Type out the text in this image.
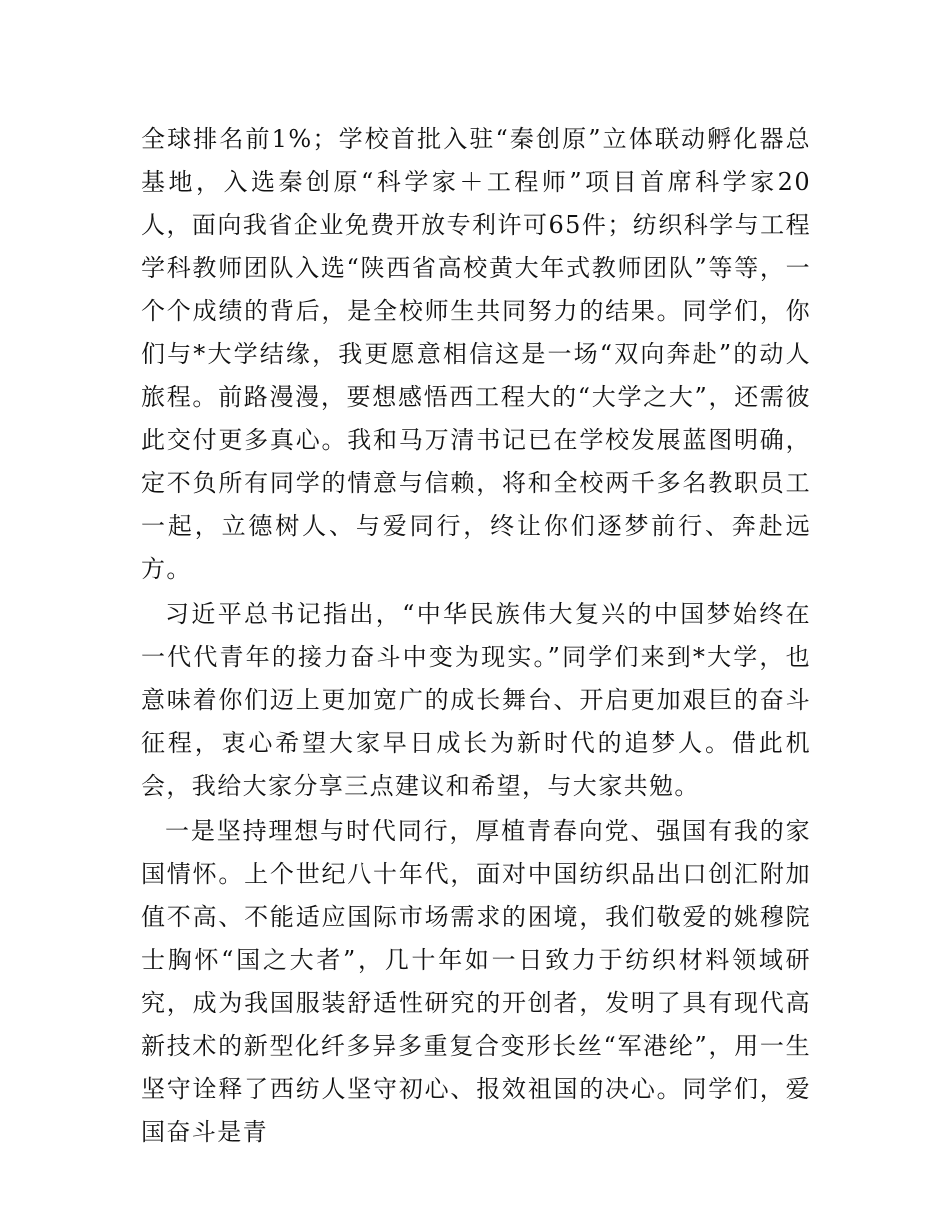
全球排名前1%；学校首批入驻“秦创原”立体联动孵化器总基地，入选秦创原“科学家＋工程师”项目首席科学家20人，面向我省企业免费开放专利许可65件；纺织科学与工程学科教师团队入选“陕西省高校黄大年式教师团队”等等，一个个成绩的背后，是全校师生共同努力的结果。同学们，你们与*大学结缘，我更愿意相信这是一场“双向奔赴”的动人旅程。前路漫漫，要想感悟西工程大的“大学之大”，还需彼此交付更多真心。我和马万清书记已在学校发展蓝图明确，定不负所有同学的情意与信赖，将和全校两千多名教职员工一起，立德树人、与爱同行，终让你们逐梦前行、奔赴远方。

习近平总书记指出，“中华民族伟大复兴的中国梦始终在一代代青年的接力奋斗中变为现实。”同学们来到*大学，也意味着你们迈上更加宽广的成长舞台、开启更加艰巨的奋斗征程，衷心希望大家早日成长为新时代的追梦人。借此机会，我给大家分享三点建议和希望，与大家共勉。

一是坚持理想与时代同行，厚植青春向党、强国有我的家国情怀。上个世纪八十年代，面对中国纺织品出口创汇附加值不高、不能适应国际市场需求的困境，我们敬爱的姚穆院士胸怀“国之大者”，几十年如一日致力于纺织材料领域研究，成为我国服装舒适性研究的开创者，发明了具有现代高新技术的新型化纤多异多重复合变形长丝“军港纶”，用一生坚守诠释了西纺人坚守初心、报效祖国的决心。同学们，爱国奋斗是青
